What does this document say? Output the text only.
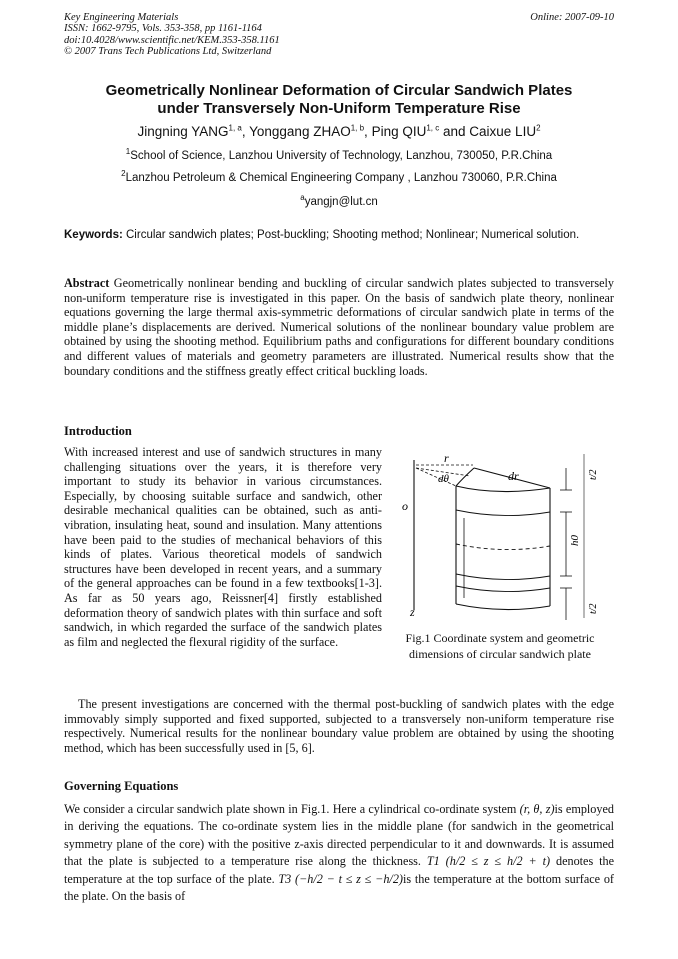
Key Engineering Materials
ISSN: 1662-9795, Vols. 353-358, pp 1161-1164
doi:10.4028/www.scientific.net/KEM.353-358.1161
© 2007 Trans Tech Publications Ltd, Switzerland
Online: 2007-09-10
Geometrically Nonlinear Deformation of Circular Sandwich Plates
under Transversely Non-Uniform Temperature Rise
Jingning YANG$^{1, a}$, Yonggang ZHAO$^{1, b}$, Ping QIU$^{1, c}$ and Caixue LIU$^2$
$^1$School of Science, Lanzhou University of Technology, Lanzhou, 730050, P.R.China
$^2$Lanzhou Petroleum & Chemical Engineering Company , Lanzhou 730060, P.R.China
$^a$yangjn@lut.cn
Keywords: Circular sandwich plates; Post-buckling; Shooting method; Nonlinear; Numerical solution.
Abstract Geometrically nonlinear bending and buckling of circular sandwich plates subjected to transversely non-uniform temperature rise is investigated in this paper. On the basis of sandwich plate theory, nonlinear equations governing the large thermal axis-symmetric deformations of circular sandwich plate in terms of the middle plane’s displacements are derived. Numerical solutions of the nonlinear boundary value problem are obtained by using the shooting method. Equilibrium paths and configurations for different boundary conditions and different values of materials and geometry parameters are illustrated. Numerical results show that the boundary conditions and the stiffness greatly effect critical buckling loads.
Introduction
With increased interest and use of sandwich structures in many challenging situations over the years, it is therefore very important to study its behavior in various circumstances. Especially, by choosing suitable surface and sandwich, other desirable mechanical qualities can be obtained, such as anti-vibration, insulating heat, sound and insulation. Many attentions have been paid to the studies of mechanical behaviors of this kinds of plates. Various theoretical models of sandwich structures have been developed in recent years, and a summary of the general approaches can be found in a few textbooks[1-3]. As far as 50 years ago, Reissner[4] firstly established deformation theory of sandwich plates with thin surface and soft sandwich, in which regarded the surface of the sandwich plates as film and neglected the flexural rigidity of the surface.
r
dθ	dr
o
z
t/2
h0
t/2
Fig.1 Coordinate system and geometric dimensions of circular sandwich plate
The present investigations are concerned with the thermal post-buckling of sandwich plates with the edge immovably simply supported and fixed supported, subjected to a transversely non-uniform temperature rise respectively. Numerical results for the nonlinear boundary value problem are obtained by using the shooting method, which has been successfully used in [5, 6].
Governing Equations
We consider a circular sandwich plate shown in Fig.1. Here a cylindrical co-ordinate system (r, θ, z)is employed in deriving the equations. The co-ordinate system lies in the middle plane (for sandwich in the geometrical symmetry plane of the core) with the positive z-axis directed perpendicular to it and downwards. It is assumed that the plate is subjected to a temperature rise along the thickness. T1 (h/2 ≤ z ≤ h/2 + t) denotes the temperature at the top surface of the plate. T3 (−h/2 − t ≤ z ≤ −h/2)is the temperature at the bottom surface of the plate. On the basis of
